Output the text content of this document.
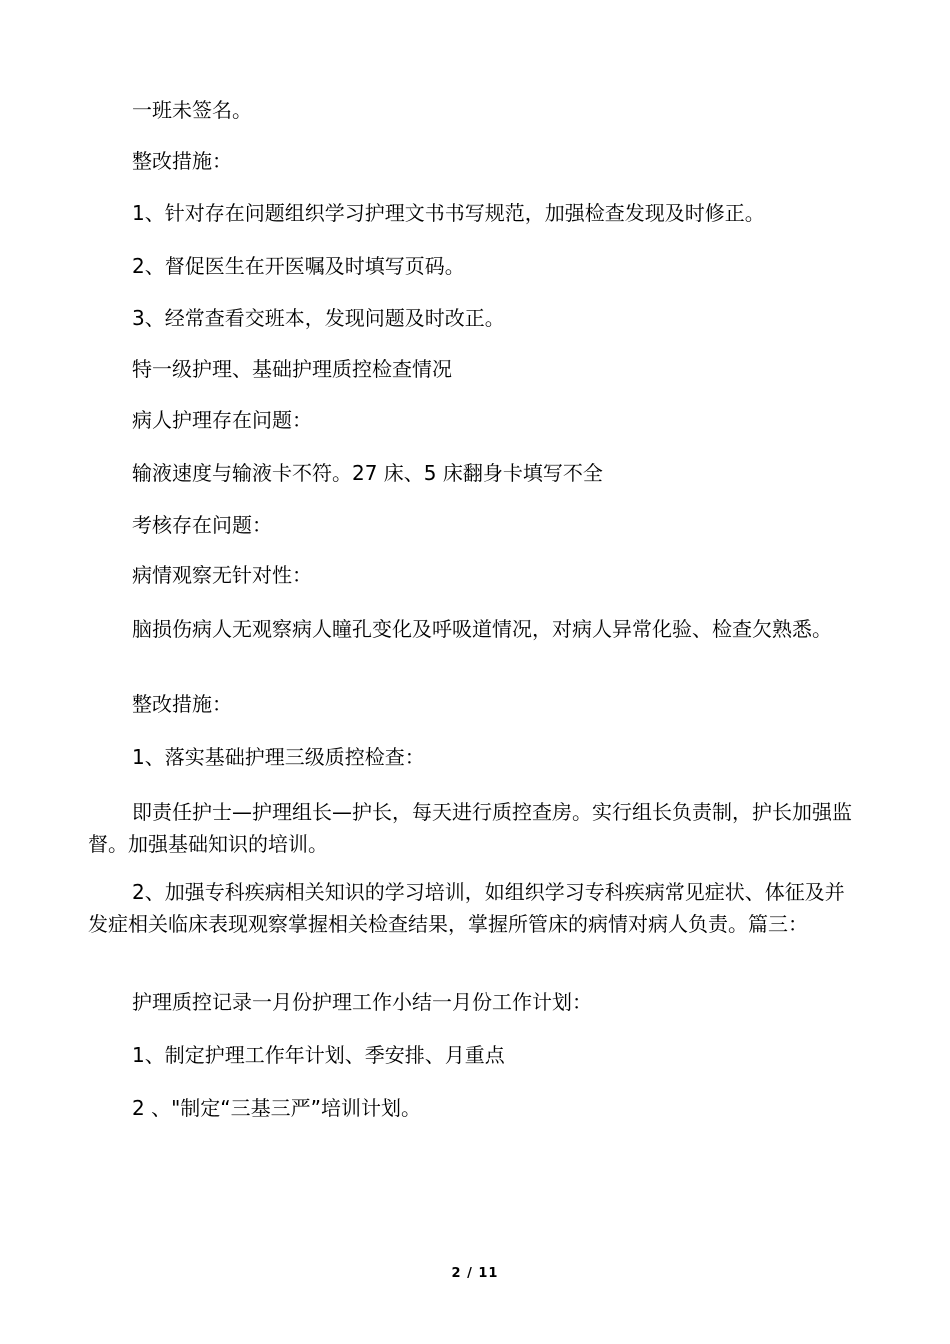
一班未签名。

整改措施：

1、针对存在问题组织学习护理文书书写规范，加强检查发现及时修正。

2、督促医生在开医嘱及时填写页码。

3、经常查看交班本，发现问题及时改正。

特一级护理、基础护理质控检查情况

病人护理存在问题：

输液速度与输液卡不符。27 床、5 床翻身卡填写不全

考核存在问题：

病情观察无针对性：

脑损伤病人无观察病人瞳孔变化及呼吸道情况，对病人异常化验、检查欠熟悉。

整改措施：

1、落实基础护理三级质控检查：

即责任护士—护理组长—护长，每天进行质控查房。实行组长负责制，护长加强监督。加强基础知识的培训。

2、加强专科疾病相关知识的学习培训，如组织学习专科疾病常见症状、体征及并发症相关临床表现观察掌握相关检查结果，掌握所管床的病情对病人负责。篇三：

护理质控记录一月份护理工作小结一月份工作计划：

1、制定护理工作年计划、季安排、月重点

2 、"制定“三基三严”培训计划。

2 / 11
